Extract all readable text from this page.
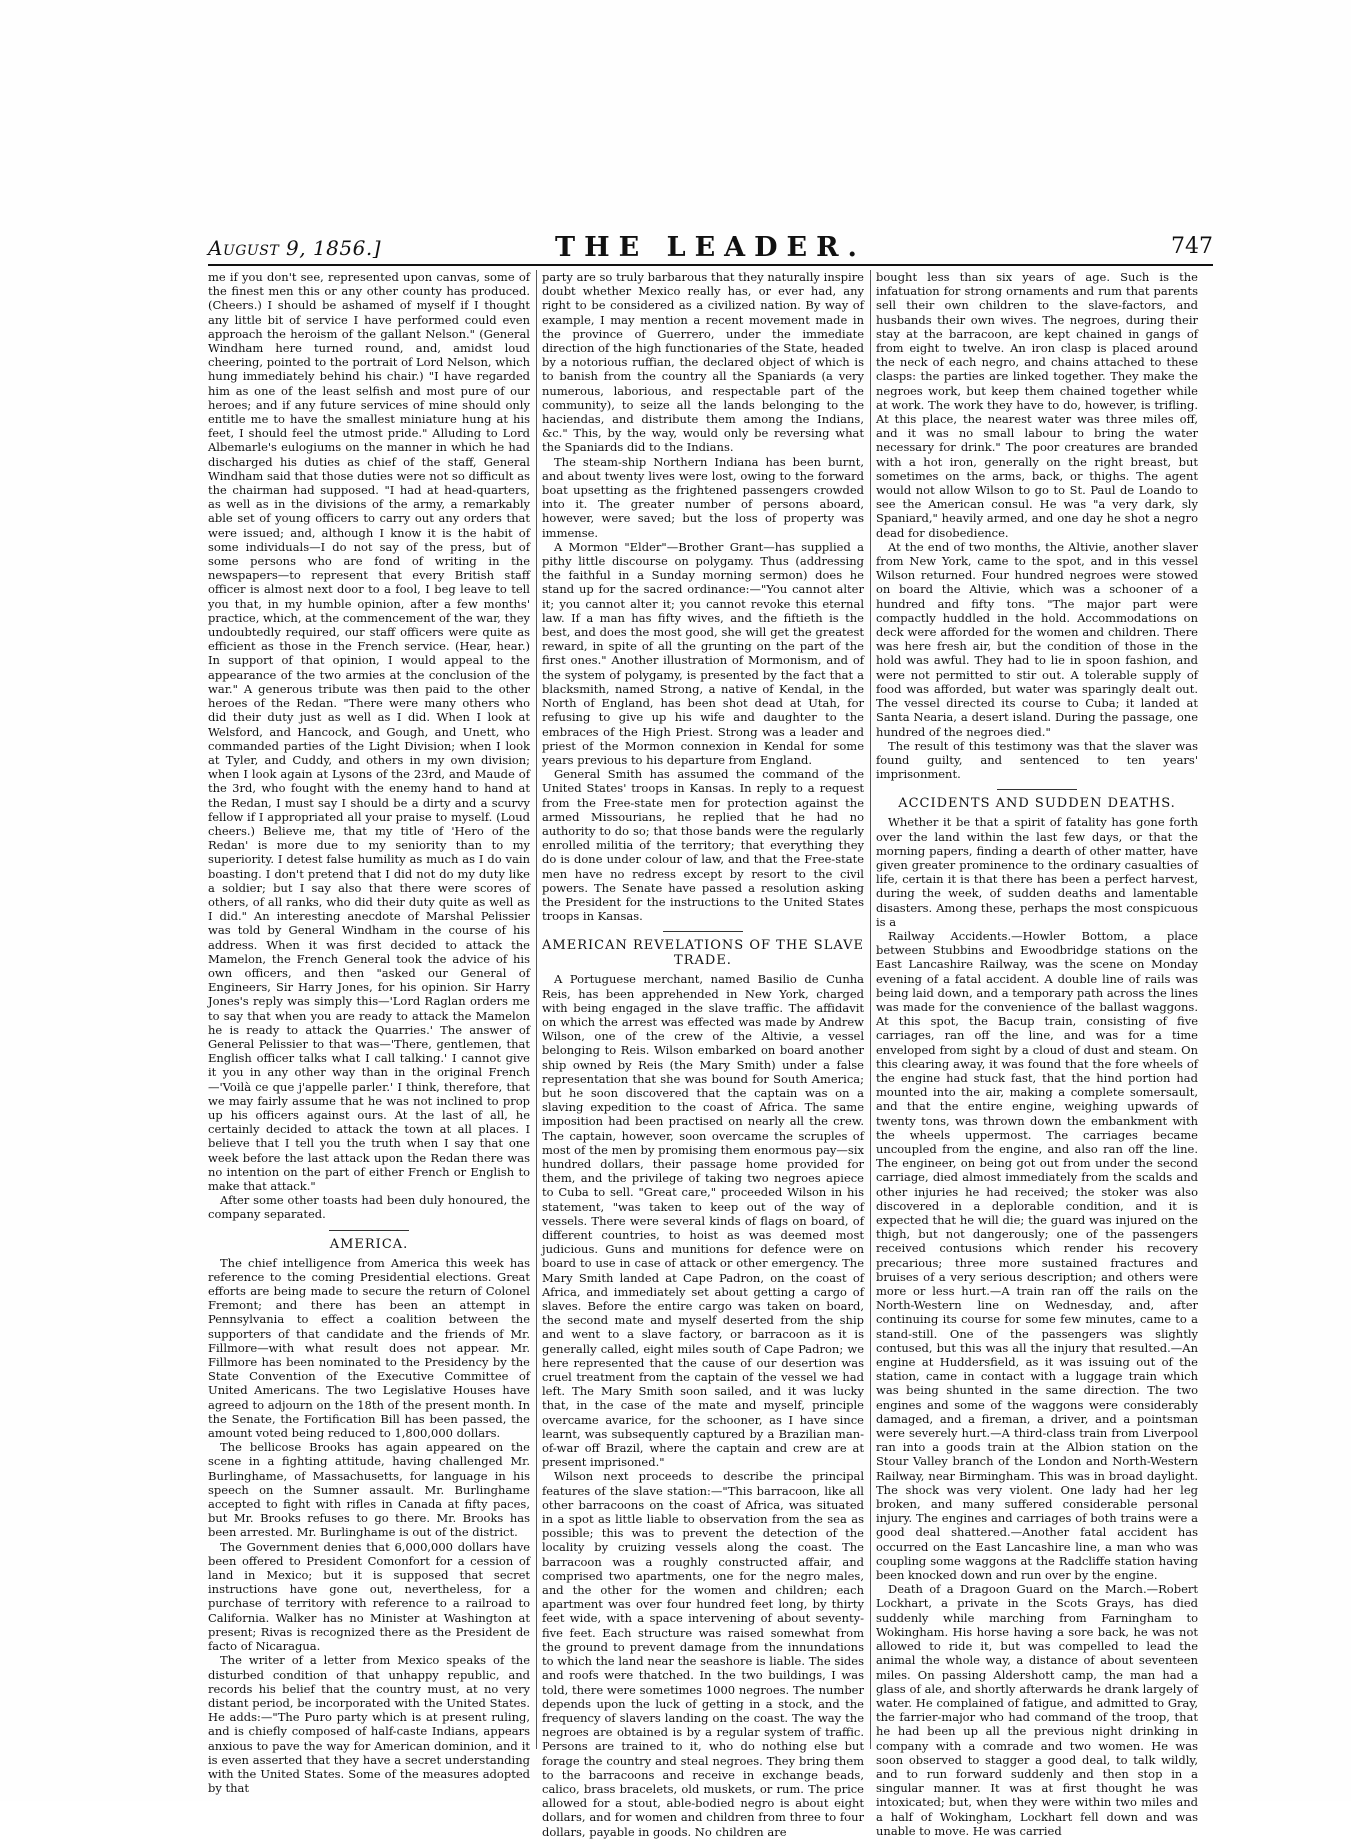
August 9, 1856.]	THE LEADER.	747

me if you don't see, represented upon canvas, some of the finest men this or any other county has produced. (Cheers.) I should be ashamed of myself if I thought any little bit of service I have performed could even approach the heroism of the gallant Nelson." (General Windham here turned round, and, amidst loud cheering, pointed to the portrait of Lord Nelson, which hung immediately behind his chair.) "I have regarded him as one of the least selfish and most pure of our heroes; and if any future services of mine should only entitle me to have the smallest miniature hung at his feet, I should feel the utmost pride." Alluding to Lord Albemarle's eulogiums on the manner in which he had discharged his duties as chief of the staff, General Windham said that those duties were not so difficult as the chairman had supposed. "I had at head-quarters, as well as in the divisions of the army, a remarkably able set of young officers to carry out any orders that were issued; and, although I know it is the habit of some individuals—I do not say of the press, but of some persons who are fond of writing in the newspapers—to represent that every British staff officer is almost next door to a fool, I beg leave to tell you that, in my humble opinion, after a few months' practice, which, at the commencement of the war, they undoubtedly required, our staff officers were quite as efficient as those in the French service. (Hear, hear.) In support of that opinion, I would appeal to the appearance of the two armies at the conclusion of the war." A generous tribute was then paid to the other heroes of the Redan. "There were many others who did their duty just as well as I did. When I look at Welsford, and Hancock, and Gough, and Unett, who commanded parties of the Light Division; when I look at Tyler, and Cuddy, and others in my own division; when I look again at Lysons of the 23rd, and Maude of the 3rd, who fought with the enemy hand to hand at the Redan, I must say I should be a dirty and a scurvy fellow if I appropriated all your praise to myself. (Loud cheers.) Believe me, that my title of 'Hero of the Redan' is more due to my seniority than to my superiority. I detest false humility as much as I do vain boasting. I don't pretend that I did not do my duty like a soldier; but I say also that there were scores of others, of all ranks, who did their duty quite as well as I did." An interesting anecdote of Marshal Pelissier was told by General Windham in the course of his address. When it was first decided to attack the Mamelon, the French General took the advice of his own officers, and then "asked our General of Engineers, Sir Harry Jones, for his opinion. Sir Harry Jones's reply was simply this—'Lord Raglan orders me to say that when you are ready to attack the Mamelon he is ready to attack the Quarries.' The answer of General Pelissier to that was—'There, gentlemen, that English officer talks what I call talking.' I cannot give it you in any other way than in the original French—'Voilà ce que j'appelle parler.' I think, therefore, that we may fairly assume that he was not inclined to prop up his officers against ours. At the last of all, he certainly decided to attack the town at all places. I believe that I tell you the truth when I say that one week before the last attack upon the Redan there was no intention on the part of either French or English to make that attack."

After some other toasts had been duly honoured, the company separated.

AMERICA.

The chief intelligence from America this week has reference to the coming Presidential elections. Great efforts are being made to secure the return of Colonel Fremont; and there has been an attempt in Pennsylvania to effect a coalition between the supporters of that candidate and the friends of Mr. Fillmore—with what result does not appear. Mr. Fillmore has been nominated to the Presidency by the State Convention of the Executive Committee of United Americans. The two Legislative Houses have agreed to adjourn on the 18th of the present month. In the Senate, the Fortification Bill has been passed, the amount voted being reduced to 1,800,000 dollars.

The bellicose Brooks has again appeared on the scene in a fighting attitude, having challenged Mr. Burlinghame, of Massachusetts, for language in his speech on the Sumner assault. Mr. Burlinghame accepted to fight with rifles in Canada at fifty paces, but Mr. Brooks refuses to go there. Mr. Brooks has been arrested. Mr. Burlinghame is out of the district.

The Government denies that 6,000,000 dollars have been offered to President Comonfort for a cession of land in Mexico; but it is supposed that secret instructions have gone out, nevertheless, for a purchase of territory with reference to a railroad to California. Walker has no Minister at Washington at present; Rivas is recognized there as the President de facto of Nicaragua.

The writer of a letter from Mexico speaks of the disturbed condition of that unhappy republic, and records his belief that the country must, at no very distant period, be incorporated with the United States. He adds:—"The Puro party which is at present ruling, and is chiefly composed of half-caste Indians, appears anxious to pave the way for American dominion, and it is even asserted that they have a secret understanding with the United States. Some of the measures adopted by that

party are so truly barbarous that they naturally inspire doubt whether Mexico really has, or ever had, any right to be considered as a civilized nation. By way of example, I may mention a recent movement made in the province of Guerrero, under the immediate direction of the high functionaries of the State, headed by a notorious ruffian, the declared object of which is to banish from the country all the Spaniards (a very numerous, laborious, and respectable part of the community), to seize all the lands belonging to the haciendas, and distribute them among the Indians, &c." This, by the way, would only be reversing what the Spaniards did to the Indians.

The steam-ship Northern Indiana has been burnt, and about twenty lives were lost, owing to the forward boat upsetting as the frightened passengers crowded into it. The greater number of persons aboard, however, were saved; but the loss of property was immense.

A Mormon "Elder"—Brother Grant—has supplied a pithy little discourse on polygamy. Thus (addressing the faithful in a Sunday morning sermon) does he stand up for the sacred ordinance:—"You cannot alter it; you cannot alter it; you cannot revoke this eternal law. If a man has fifty wives, and the fiftieth is the best, and does the most good, she will get the greatest reward, in spite of all the grunting on the part of the first ones." Another illustration of Mormonism, and of the system of polygamy, is presented by the fact that a blacksmith, named Strong, a native of Kendal, in the North of England, has been shot dead at Utah, for refusing to give up his wife and daughter to the embraces of the High Priest. Strong was a leader and priest of the Mormon connexion in Kendal for some years previous to his departure from England.

General Smith has assumed the command of the United States' troops in Kansas. In reply to a request from the Free-state men for protection against the armed Missourians, he replied that he had no authority to do so; that those bands were the regularly enrolled militia of the territory; that everything they do is done under colour of law, and that the Free-state men have no redress except by resort to the civil powers. The Senate have passed a resolution asking the President for the instructions to the United States troops in Kansas.

AMERICAN REVELATIONS OF THE SLAVE TRADE.

A Portuguese merchant, named Basilio de Cunha Reis, has been apprehended in New York, charged with being engaged in the slave traffic. The affidavit on which the arrest was effected was made by Andrew Wilson, one of the crew of the Altivie, a vessel belonging to Reis. Wilson embarked on board another ship owned by Reis (the Mary Smith) under a false representation that she was bound for South America; but he soon discovered that the captain was on a slaving expedition to the coast of Africa. The same imposition had been practised on nearly all the crew. The captain, however, soon overcame the scruples of most of the men by promising them enormous pay—six hundred dollars, their passage home provided for them, and the privilege of taking two negroes apiece to Cuba to sell. "Great care," proceeded Wilson in his statement, "was taken to keep out of the way of vessels. There were several kinds of flags on board, of different countries, to hoist as was deemed most judicious. Guns and munitions for defence were on board to use in case of attack or other emergency. The Mary Smith landed at Cape Padron, on the coast of Africa, and immediately set about getting a cargo of slaves. Before the entire cargo was taken on board, the second mate and myself deserted from the ship and went to a slave factory, or barracoon as it is generally called, eight miles south of Cape Padron; we here represented that the cause of our desertion was cruel treatment from the captain of the vessel we had left. The Mary Smith soon sailed, and it was lucky that, in the case of the mate and myself, principle overcame avarice, for the schooner, as I have since learnt, was subsequently captured by a Brazilian man-of-war off Brazil, where the captain and crew are at present imprisoned."

Wilson next proceeds to describe the principal features of the slave station:—"This barracoon, like all other barracoons on the coast of Africa, was situated in a spot as little liable to observation from the sea as possible; this was to prevent the detection of the locality by cruizing vessels along the coast. The barracoon was a roughly constructed affair, and comprised two apartments, one for the negro males, and the other for the women and children; each apartment was over four hundred feet long, by thirty feet wide, with a space intervening of about seventy-five feet. Each structure was raised somewhat from the ground to prevent damage from the innundations to which the land near the seashore is liable. The sides and roofs were thatched. In the two buildings, I was told, there were sometimes 1000 negroes. The number depends upon the luck of getting in a stock, and the frequency of slavers landing on the coast. The way the negroes are obtained is by a regular system of traffic. Persons are trained to it, who do nothing else but forage the country and steal negroes. They bring them to the barracoons and receive in exchange beads, calico, brass bracelets, old muskets, or rum. The price allowed for a stout, able-bodied negro is about eight dollars, and for women and children from three to four dollars, payable in goods. No children are

bought less than six years of age. Such is the infatuation for strong ornaments and rum that parents sell their own children to the slave-factors, and husbands their own wives. The negroes, during their stay at the barracoon, are kept chained in gangs of from eight to twelve. An iron clasp is placed around the neck of each negro, and chains attached to these clasps: the parties are linked together. They make the negroes work, but keep them chained together while at work. The work they have to do, however, is trifling. At this place, the nearest water was three miles off, and it was no small labour to bring the water necessary for drink." The poor creatures are branded with a hot iron, generally on the right breast, but sometimes on the arms, back, or thighs. The agent would not allow Wilson to go to St. Paul de Loando to see the American consul. He was "a very dark, sly Spaniard," heavily armed, and one day he shot a negro dead for disobedience.

At the end of two months, the Altivie, another slaver from New York, came to the spot, and in this vessel Wilson returned. Four hundred negroes were stowed on board the Altivie, which was a schooner of a hundred and fifty tons. "The major part were compactly huddled in the hold. Accommodations on deck were afforded for the women and children. There was here fresh air, but the condition of those in the hold was awful. They had to lie in spoon fashion, and were not permitted to stir out. A tolerable supply of food was afforded, but water was sparingly dealt out. The vessel directed its course to Cuba; it landed at Santa Nearia, a desert island. During the passage, one hundred of the negroes died."

The result of this testimony was that the slaver was found guilty, and sentenced to ten years' imprisonment.

ACCIDENTS AND SUDDEN DEATHS.

Whether it be that a spirit of fatality has gone forth over the land within the last few days, or that the morning papers, finding a dearth of other matter, have given greater prominence to the ordinary casualties of life, certain it is that there has been a perfect harvest, during the week, of sudden deaths and lamentable disasters. Among these, perhaps the most conspicuous is a

Railway Accidents.—Howler Bottom, a place between Stubbins and Ewoodbridge stations on the East Lancashire Railway, was the scene on Monday evening of a fatal accident. A double line of rails was being laid down, and a temporary path across the lines was made for the convenience of the ballast waggons. At this spot, the Bacup train, consisting of five carriages, ran off the line, and was for a time enveloped from sight by a cloud of dust and steam. On this clearing away, it was found that the fore wheels of the engine had stuck fast, that the hind portion had mounted into the air, making a complete somersault, and that the entire engine, weighing upwards of twenty tons, was thrown down the embankment with the wheels uppermost. The carriages became uncoupled from the engine, and also ran off the line. The engineer, on being got out from under the second carriage, died almost immediately from the scalds and other injuries he had received; the stoker was also discovered in a deplorable condition, and it is expected that he will die; the guard was injured on the thigh, but not dangerously; one of the passengers received contusions which render his recovery precarious; three more sustained fractures and bruises of a very serious description; and others were more or less hurt.—A train ran off the rails on the North-Western line on Wednesday, and, after continuing its course for some few minutes, came to a stand-still. One of the passengers was slightly contused, but this was all the injury that resulted.—An engine at Huddersfield, as it was issuing out of the station, came in contact with a luggage train which was being shunted in the same direction. The two engines and some of the waggons were considerably damaged, and a fireman, a driver, and a pointsman were severely hurt.—A third-class train from Liverpool ran into a goods train at the Albion station on the Stour Valley branch of the London and North-Western Railway, near Birmingham. This was in broad daylight. The shock was very violent. One lady had her leg broken, and many suffered considerable personal injury. The engines and carriages of both trains were a good deal shattered.—Another fatal accident has occurred on the East Lancashire line, a man who was coupling some waggons at the Radcliffe station having been knocked down and run over by the engine.

Death of a Dragoon Guard on the March.—Robert Lockhart, a private in the Scots Grays, has died suddenly while marching from Farningham to Wokingham. His horse having a sore back, he was not allowed to ride it, but was compelled to lead the animal the whole way, a distance of about seventeen miles. On passing Aldershott camp, the man had a glass of ale, and shortly afterwards he drank largely of water. He complained of fatigue, and admitted to Gray, the farrier-major who had command of the troop, that he had been up all the previous night drinking in company with a comrade and two women. He was soon observed to stagger a good deal, to talk wildly, and to run forward suddenly and then stop in a singular manner. It was at first thought he was intoxicated; but, when they were within two miles and a half of Wokingham, Lockhart fell down and was unable to move. He was carried
